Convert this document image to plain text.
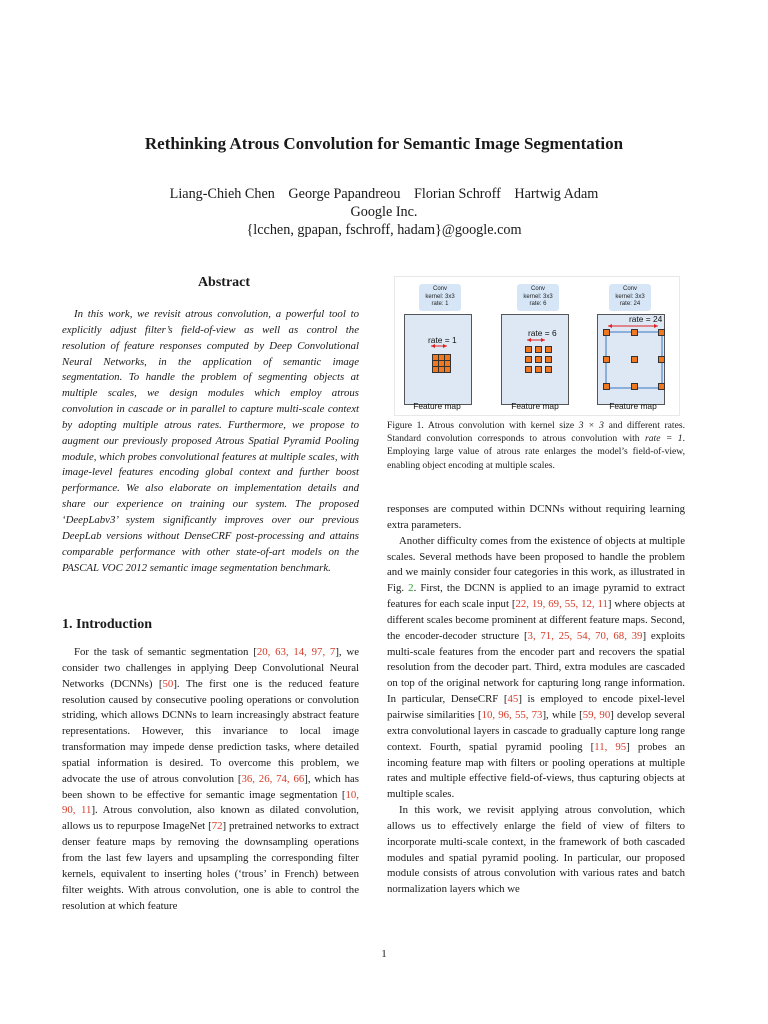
Rethinking Atrous Convolution for Semantic Image Segmentation
Liang-Chieh Chen George Papandreou Florian Schroff Hartwig Adam
Google Inc.
{lcchen, gpapan, fschroff, hadam}@google.com
Abstract
In this work, we revisit atrous convolution, a powerful tool to explicitly adjust filter’s field-of-view as well as control the resolution of feature responses computed by Deep Convolutional Neural Networks, in the application of semantic image segmentation. To handle the problem of segmenting objects at multiple scales, we design modules which employ atrous convolution in cascade or in parallel to capture multi-scale context by adopting multiple atrous rates. Furthermore, we propose to augment our previously proposed Atrous Spatial Pyramid Pooling module, which probes convolutional features at multiple scales, with image-level features encoding global context and further boost performance. We also elaborate on implementation details and share our experience on training our system. The proposed ‘DeepLabv3’ system significantly improves over our previous DeepLab versions without DenseCRF post-processing and attains comparable performance with other state-of-art models on the PASCAL VOC 2012 semantic image segmentation benchmark.
1. Introduction
For the task of semantic segmentation [20, 63, 14, 97, 7], we consider two challenges in applying Deep Convolutional Neural Networks (DCNNs) [50]. The first one is the reduced feature resolution caused by consecutive pooling operations or convolution striding, which allows DCNNs to learn increasingly abstract feature representations. However, this invariance to local image transformation may impede dense prediction tasks, where detailed spatial information is desired. To overcome this problem, we advocate the use of atrous convolution [36, 26, 74, 66], which has been shown to be effective for semantic image segmentation [10, 90, 11]. Atrous convolution, also known as dilated convolution, allows us to repurpose ImageNet [72] pretrained networks to extract denser feature maps by removing the downsampling operations from the last few layers and upsampling the corresponding filter kernels, equivalent to inserting holes (‘trous’ in French) between filter weights. With atrous convolution, one is able to control the resolution at which feature
Conv
kernel: 3x3
rate: 1
rate = 1
Feature map
Conv
kernel: 3x3
rate: 6
rate = 6
Feature map
Conv
kernel: 3x3
rate: 24
rate = 24
Feature map
Figure 1. Atrous convolution with kernel size 3 × 3 and different rates. Standard convolution corresponds to atrous convolution with rate = 1. Employing large value of atrous rate enlarges the model’s field-of-view, enabling object encoding at multiple scales.

responses are computed within DCNNs without requiring learning extra parameters.

Another difficulty comes from the existence of objects at multiple scales. Several methods have been proposed to handle the problem and we mainly consider four categories in this work, as illustrated in Fig. 2. First, the DCNN is applied to an image pyramid to extract features for each scale input [22, 19, 69, 55, 12, 11] where objects at different scales become prominent at different feature maps. Second, the encoder-decoder structure [3, 71, 25, 54, 70, 68, 39] exploits multi-scale features from the encoder part and recovers the spatial resolution from the decoder part. Third, extra modules are cascaded on top of the original network for capturing long range information. In particular, DenseCRF [45] is employed to encode pixel-level pairwise similarities [10, 96, 55, 73], while [59, 90] develop several extra convolutional layers in cascade to gradually capture long range context. Fourth, spatial pyramid pooling [11, 95] probes an incoming feature map with filters or pooling operations at multiple rates and multiple effective field-of-views, thus capturing objects at multiple scales.

In this work, we revisit applying atrous convolution, which allows us to effectively enlarge the field of view of filters to incorporate multi-scale context, in the framework of both cascaded modules and spatial pyramid pooling. In particular, our proposed module consists of atrous convolution with various rates and batch normalization layers which we

1
